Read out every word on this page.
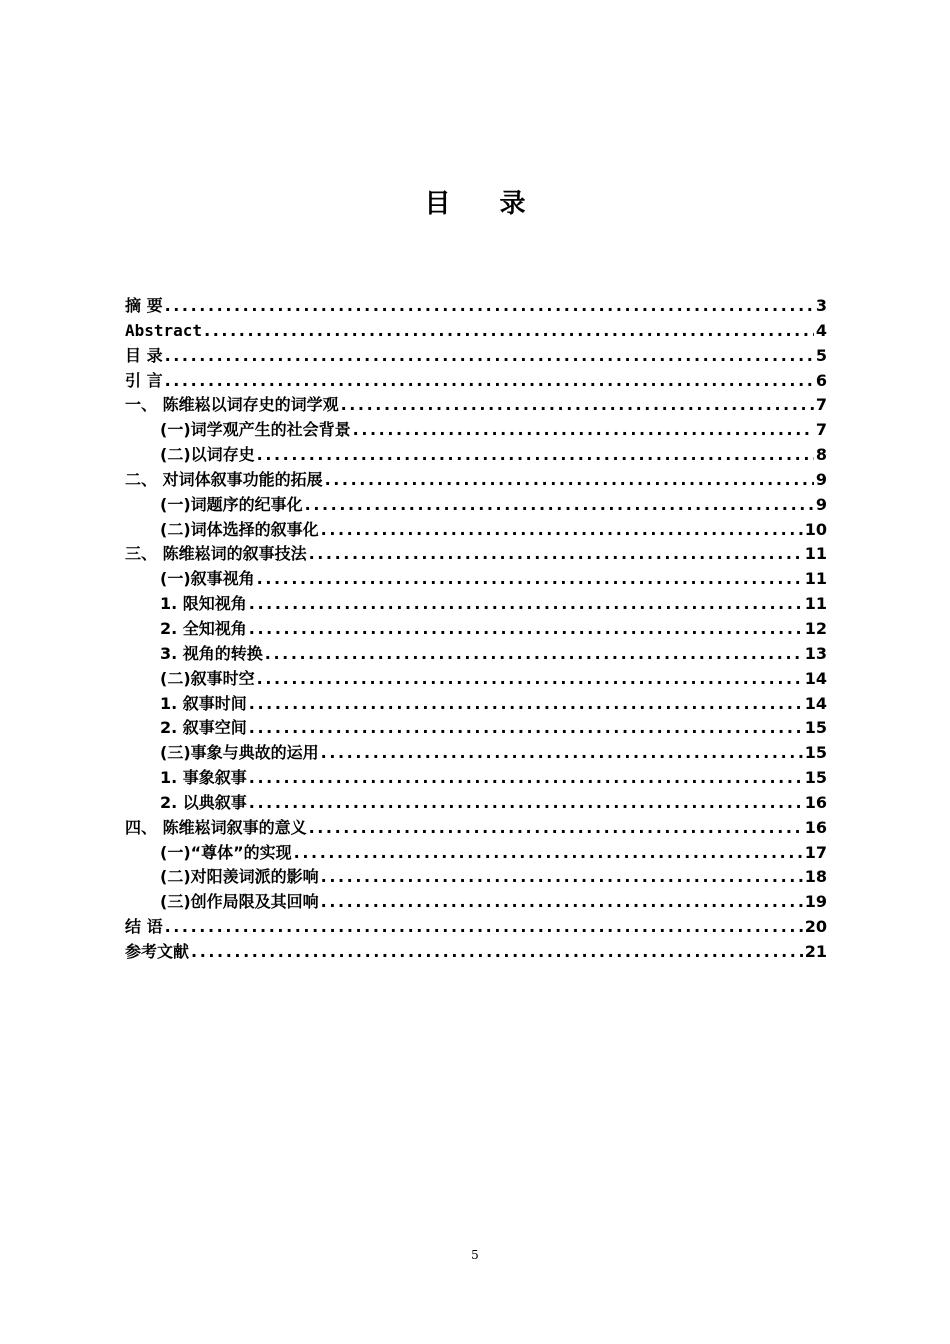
目 录
摘 要 .....	3
Abstract .....	4
目 录 .....	5
引 言 .....	6
一、 陈维崧以词存史的词学观 .....	7
(一)词学观产生的社会背景 .....	7
(二)以词存史 .....	8
二、 对词体叙事功能的拓展 .....	9
(一)词题序的纪事化 .....	9
(二)词体选择的叙事化 .....	10
三、 陈维崧词的叙事技法 .....	11
(一)叙事视角 .....	11
1. 限知视角 .....	11
2. 全知视角 .....	12
3. 视角的转换 .....	13
(二)叙事时空 .....	14
1. 叙事时间 .....	14
2. 叙事空间 .....	15
(三)事象与典故的运用 .....	15
1. 事象叙事 .....	15
2. 以典叙事 .....	16
四、 陈维崧词叙事的意义 .....	16
(一)“尊体”的实现 .....	17
(二)对阳羡词派的影响 .....	18
(三)创作局限及其回响 .....	19
结 语 .....	20
参考文献 .....	21
5
